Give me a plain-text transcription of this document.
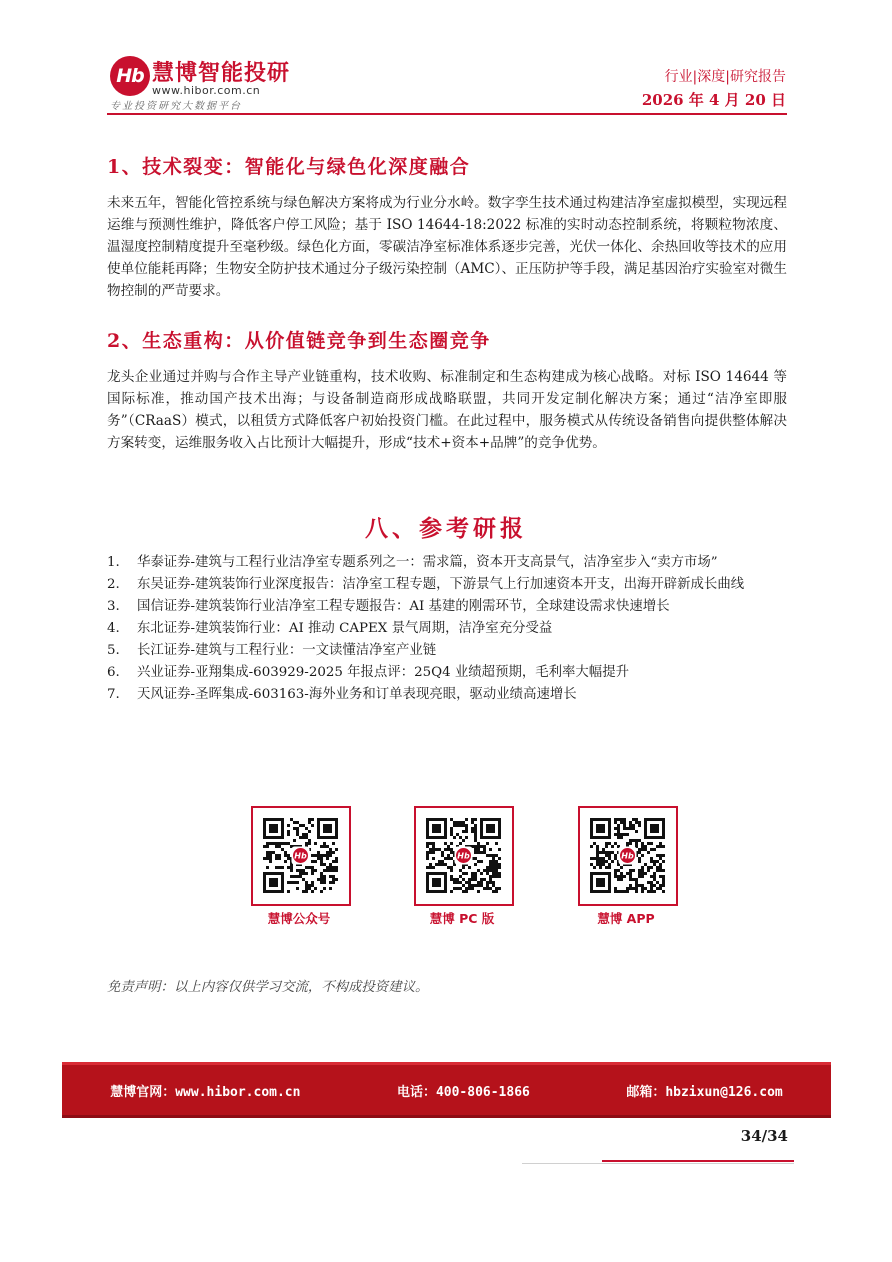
Hb 慧博智能投研
www.hibor.com.cn
专业投资研究大数据平台
行业|深度|研究报告
2026 年 4 月 20 日
1、技术裂变：智能化与绿色化深度融合

未来五年，智能化管控系统与绿色解决方案将成为行业分水岭。数字孪生技术通过构建洁净室虚拟模型，实现远程运维与预测性维护，降低客户停工风险；基于 ISO 14644-18:2022 标准的实时动态控制系统，将颗粒物浓度、温湿度控制精度提升至毫秒级。绿色化方面，零碳洁净室标准体系逐步完善，光伏一体化、余热回收等技术的应用使单位能耗再降；生物安全防护技术通过分子级污染控制（AMC）、正压防护等手段，满足基因治疗实验室对微生物控制的严苛要求。

2、生态重构：从价值链竞争到生态圈竞争

龙头企业通过并购与合作主导产业链重构，技术收购、标准制定和生态构建成为核心战略。对标 ISO 14644 等国际标准，推动国产技术出海；与设备制造商形成战略联盟，共同开发定制化解决方案；通过“洁净室即服务”（CRaaS）模式，以租赁方式降低客户初始投资门槛。在此过程中，服务模式从传统设备销售向提供整体解决方案转变，运维服务收入占比预计大幅提升，形成“技术+资本+品牌”的竞争优势。

八、参考研报
1. 华泰证券-建筑与工程行业洁净室专题系列之一：需求篇，资本开支高景气，洁净室步入“卖方市场”
2. 东吴证券-建筑装饰行业深度报告：洁净室工程专题，下游景气上行加速资本开支，出海开辟新成长曲线
3. 国信证券-建筑装饰行业洁净室工程专题报告：AI 基建的刚需环节，全球建设需求快速增长
4. 东北证券-建筑装饰行业：AI 推动 CAPEX 景气周期，洁净室充分受益
5. 长江证券-建筑与工程行业：一文读懂洁净室产业链
6. 兴业证券-亚翔集成-603929-2025 年报点评：25Q4 业绩超预期，毛利率大幅提升
7. 天风证券-圣晖集成-603163-海外业务和订单表现亮眼，驱动业绩高速增长
Hb
慧博公众号
Hb
慧博 PC 版
Hb
慧博 APP
免责声明：以上内容仅供学习交流，不构成投资建议。
慧博官网：www.hibor.com.cn	电话：400-806-1866	邮箱：hbzixun@126.com
34/34
